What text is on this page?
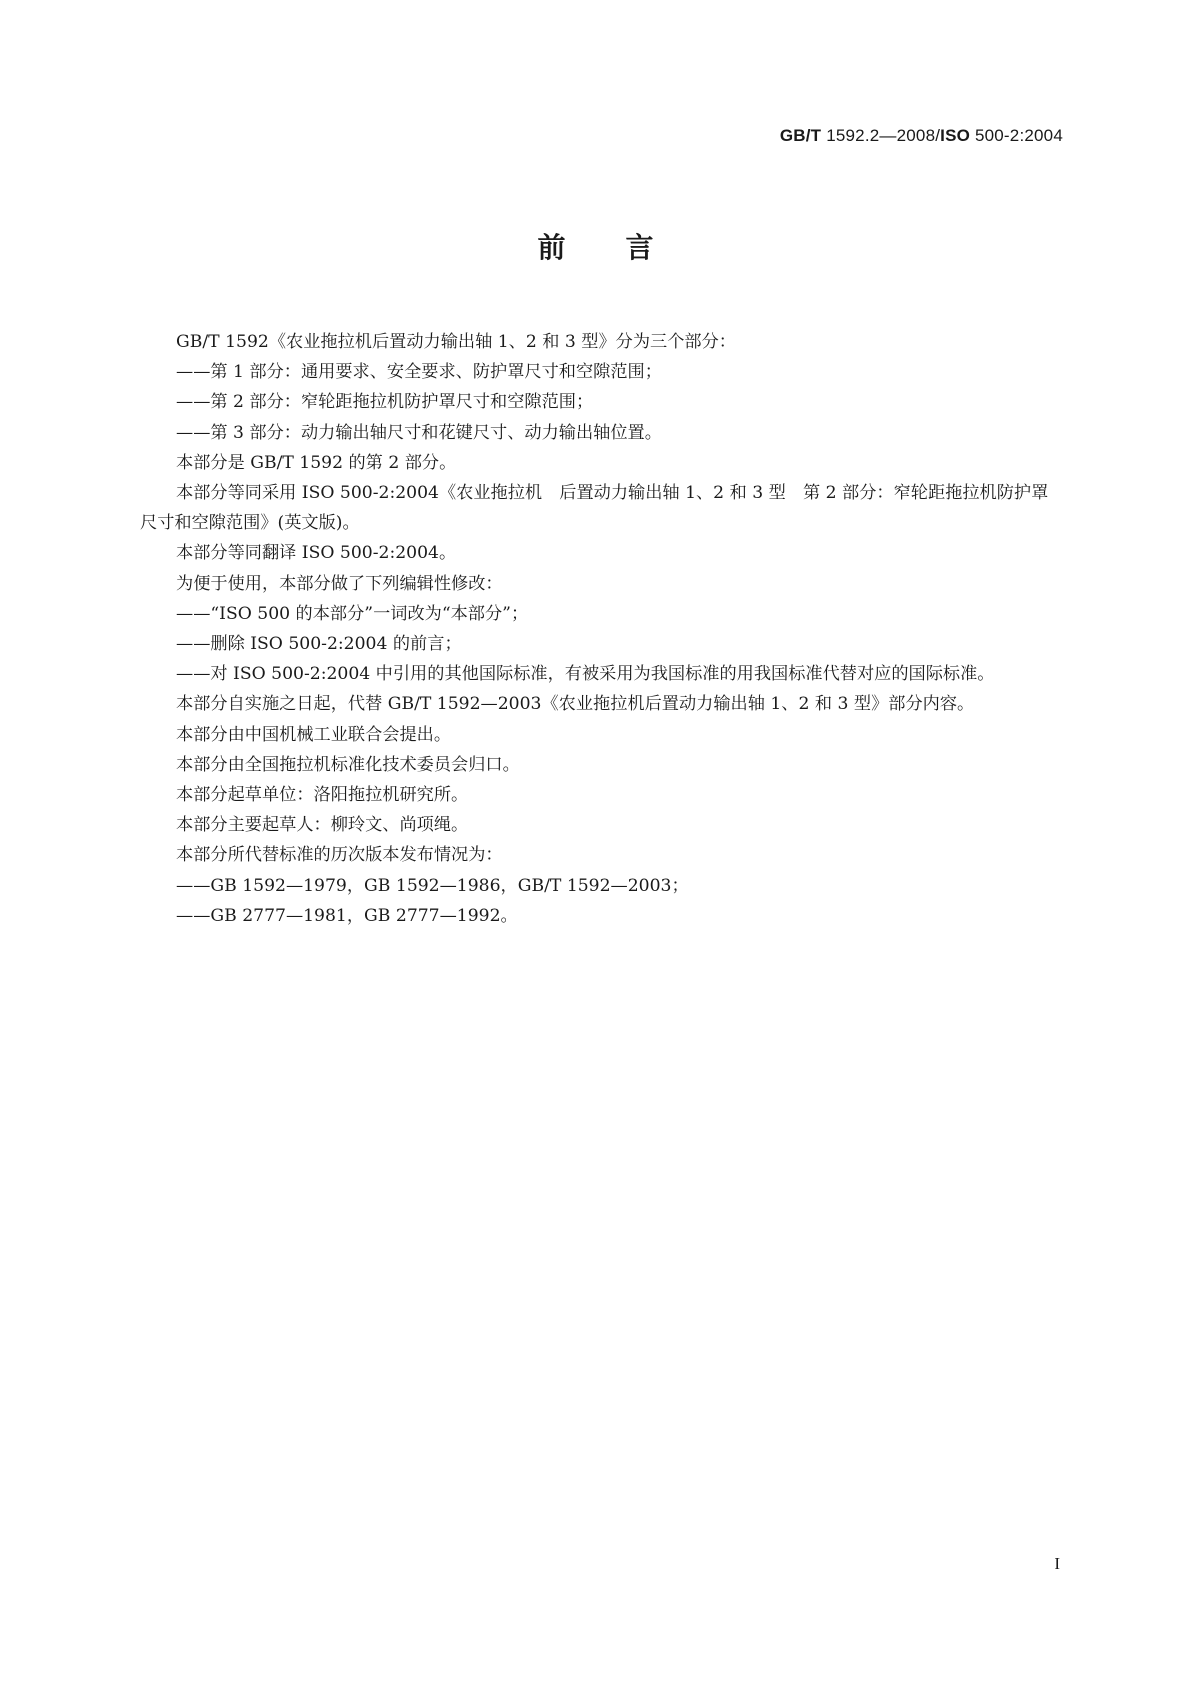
GB/T 1592.2—2008/ISO 500-2:2004
前言

GB/T 1592《农业拖拉机后置动力输出轴 1、2 和 3 型》分为三个部分：

——第 1 部分：通用要求、安全要求、防护罩尺寸和空隙范围；

——第 2 部分：窄轮距拖拉机防护罩尺寸和空隙范围；

——第 3 部分：动力输出轴尺寸和花键尺寸、动力输出轴位置。

本部分是 GB/T 1592 的第 2 部分。

本部分等同采用 ISO 500-2:2004《农业拖拉机　后置动力输出轴 1、2 和 3 型　第 2 部分：窄轮距拖拉机防护罩尺寸和空隙范围》(英文版)。

本部分等同翻译 ISO 500-2:2004。

为便于使用，本部分做了下列编辑性修改：

——“ISO 500 的本部分”一词改为“本部分”；

——删除 ISO 500-2:2004 的前言；

——对 ISO 500-2:2004 中引用的其他国际标准，有被采用为我国标准的用我国标准代替对应的国际标准。

本部分自实施之日起，代替 GB/T 1592—2003《农业拖拉机后置动力输出轴 1、2 和 3 型》部分内容。

本部分由中国机械工业联合会提出。

本部分由全国拖拉机标准化技术委员会归口。

本部分起草单位：洛阳拖拉机研究所。

本部分主要起草人：柳玲文、尚项绳。

本部分所代替标准的历次版本发布情况为：

——GB 1592—1979，GB 1592—1986，GB/T 1592—2003；

——GB 2777—1981，GB 2777—1992。

I
